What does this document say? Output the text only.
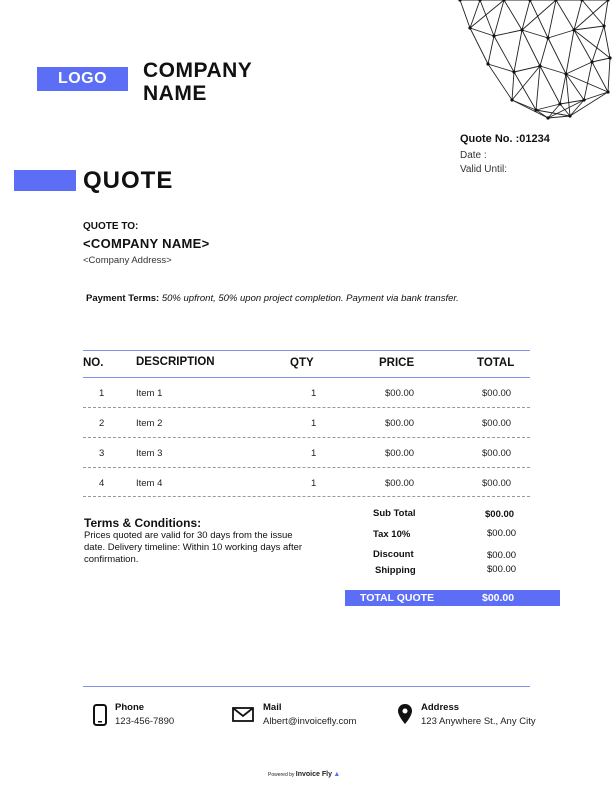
LOGO	COMPANY
NAME
Quote No. :01234
Date :
Valid Until:
QUOTE
QUOTE TO:
<COMPANY NAME>
<Company Address>
Payment Terms: 50% upfront, 50% upon project completion. Payment via bank transfer.
NO.	DESCRIPTION	QTY	PRICE	TOTAL
1	Item 1	1	$00.00	$00.00
2	Item 2	1	$00.00	$00.00
3	Item 3	1	$00.00	$00.00
4	Item 4	1	$00.00	$00.00
Terms & Conditions:
Prices quoted are valid for 30 days from the issue date. Delivery timeline: Within 10 working days after confirmation.
Sub Total	$00.00
Tax 10%	$00.00
Discount	$00.00
Shipping	$00.00
TOTAL QUOTE	$00.00
Phone
123-456-7890
Mail
Albert@invoicefly.com
Address
123 Anywhere St., Any City
Powered by Invoice Fly ▲
